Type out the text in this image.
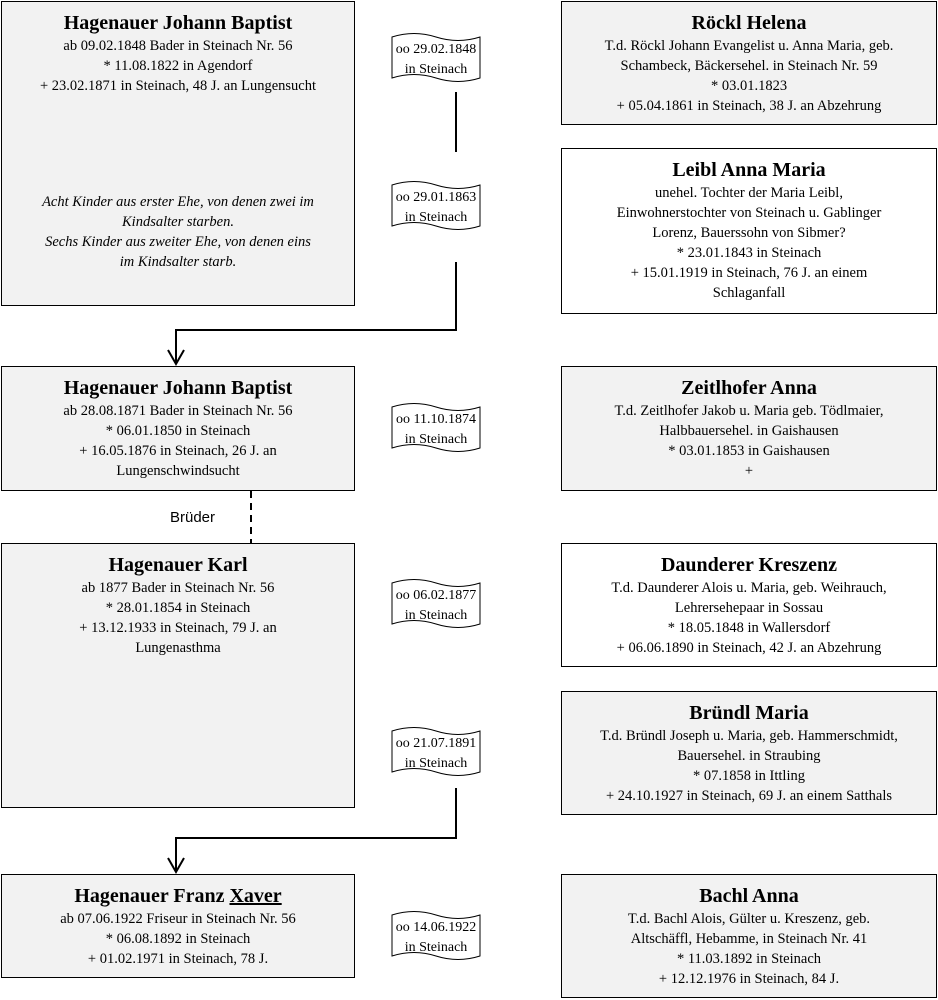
Hagenauer Johann Baptist
ab 09.02.1848 Bader in Steinach Nr. 56
* 11.08.1822 in Agendorf
+ 23.02.1871 in Steinach, 48 J. an Lungensucht
Acht Kinder aus erster Ehe, von denen zwei im
Kindsalter starben.
Sechs Kinder aus zweiter Ehe, von denen eins
im Kindsalter starb.
oo 29.02.1848
in Steinach
Röckl Helena
T.d. Röckl Johann Evangelist u. Anna Maria, geb.
Schambeck, Bäckersehel. in Steinach Nr. 59
* 03.01.1823
+ 05.04.1861 in Steinach, 38 J. an Abzehrung
oo 29.01.1863
in Steinach
Leibl Anna Maria
unehel. Tochter der Maria Leibl,
Einwohnerstochter von Steinach u. Gablinger
Lorenz, Bauerssohn von Sibmer?
* 23.01.1843 in Steinach
+ 15.01.1919 in Steinach, 76 J. an einem
Schlaganfall
Hagenauer Johann Baptist
ab 28.08.1871 Bader in Steinach Nr. 56
* 06.01.1850 in Steinach
+ 16.05.1876 in Steinach, 26 J. an
Lungenschwindsucht
oo 11.10.1874
in Steinach
Zeitlhofer Anna
T.d. Zeitlhofer Jakob u. Maria geb. Tödlmaier,
Halbbauersehel. in Gaishausen
* 03.01.1853 in Gaishausen
+
Brüder
Hagenauer Karl
ab 1877 Bader in Steinach Nr. 56
* 28.01.1854 in Steinach
+ 13.12.1933 in Steinach, 79 J. an
Lungenasthma
oo 06.02.1877
in Steinach
Daunderer Kreszenz
T.d. Daunderer Alois u. Maria, geb. Weihrauch,
Lehrersehepaar in Sossau
* 18.05.1848 in Wallersdorf
+ 06.06.1890 in Steinach, 42 J. an Abzehrung
oo 21.07.1891
in Steinach
Bründl Maria
T.d. Bründl Joseph u. Maria, geb. Hammerschmidt,
Bauersehel. in Straubing
* 07.1858 in Ittling
+ 24.10.1927 in Steinach, 69 J. an einem Satthals
Hagenauer Franz Xaver
ab 07.06.1922 Friseur in Steinach Nr. 56
* 06.08.1892 in Steinach
+ 01.02.1971 in Steinach, 78 J.
oo 14.06.1922
in Steinach
Bachl Anna
T.d. Bachl Alois, Gülter u. Kreszenz, geb.
Altschäffl, Hebamme, in Steinach Nr. 41
* 11.03.1892 in Steinach
+ 12.12.1976 in Steinach, 84 J.
